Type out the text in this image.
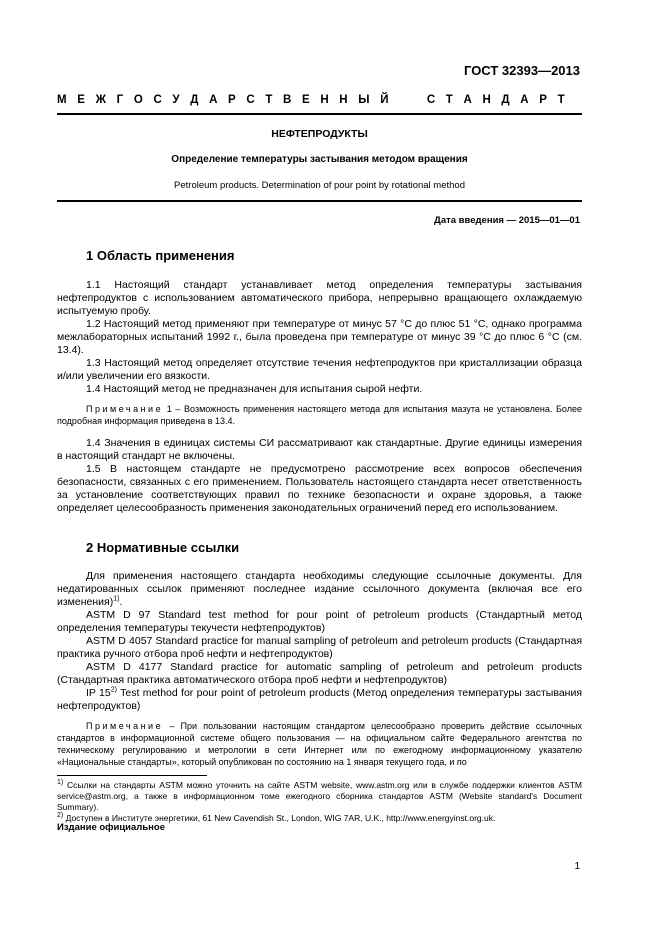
ГОСТ 32393—2013
М Е Ж Г О С У Д А Р С Т В Е Н Н Ы Й

	С Т А Н Д А Р Т
НЕФТЕПРОДУКТЫ
Определение температуры застывания методом вращения
Petroleum products. Determination of pour point by rotational method
Дата введения — 2015—01—01
1 Область применения

1.1 Настоящий стандарт устанавливает метод определения температуры застывания нефтепродуктов с использованием автоматического прибора, непрерывно вращающего охлаждаемую испытуемую пробу.

1.2 Настоящий метод применяют при температуре от минус 57 °С до плюс 51 °С, однако программа межлабораторных испытаний 1992 г., была проведена при температуре от минус 39 °С до плюс 6 °С (см. 13.4).

1.3 Настоящий метод определяет отсутствие течения нефтепродуктов при кристаллизации образца и/или увеличении его вязкости.

1.4 Настоящий метод не предназначен для испытания сырой нефти.

Примечание 1 – Возможность применения настоящего метода для испытания мазута не установлена. Более подробная информация приведена в 13.4.

1.4 Значения в единицах системы СИ рассматривают как стандартные. Другие единицы измерения в настоящий стандарт не включены.

1.5 В настоящем стандарте не предусмотрено рассмотрение всех вопросов обеспечения безопасности, связанных с его применением. Пользователь настоящего стандарта несет ответственность за установление соответствующих правил по технике безопасности и охране здоровья, а также определяет целесообразность применения законодательных ограничений перед его использованием.

2 Нормативные ссылки

Для применения настоящего стандарта необходимы следующие ссылочные документы. Для недатированных ссылок применяют последнее издание ссылочного документа (включая все его изменения)$^{1)}$.

ASTM D 97 Standard test method for pour point of petroleum products (Стандартный метод определения температуры текучести нефтепродуктов)

ASTM D 4057 Standard practice for manual sampling of petroleum and petroleum products (Стандартная практика ручного отбора проб нефти и нефтепродуктов)

ASTM D 4177 Standard practice for automatic sampling of petroleum and petroleum products (Стандартная практика автоматического отбора проб нефти и нефтепродуктов)

IP 15$^{2)}$ Test method for pour point of petroleum products (Метод определения температуры застывания нефтепродуктов)

Примечание – При пользовании настоящим стандартом целесообразно проверить действие ссылочных стандартов в информационной системе общего пользования — на официальном сайте Федерального агентства по техническому регулированию и метрологии в сети Интернет или по ежегодному информационному указателю «Национальные стандарты», который опубликован по состоянию на 1 января текущего года, и по

$^{1)}$ Ссылки на стандарты ASTM можно уточнить на сайте ASTM website, www.astm.org или в службе поддержки клиентов ASTM service@astm.org, а также в информационном томе ежегодного сборника стандартов ASTM (Website standard's Document Summary).

$^{2)}$ Доступен в Институте энергетики, 61 New Cavendish St., London, WIG 7AR, U.K., http://www.energyinst.org.uk.

Издание официальное
1
